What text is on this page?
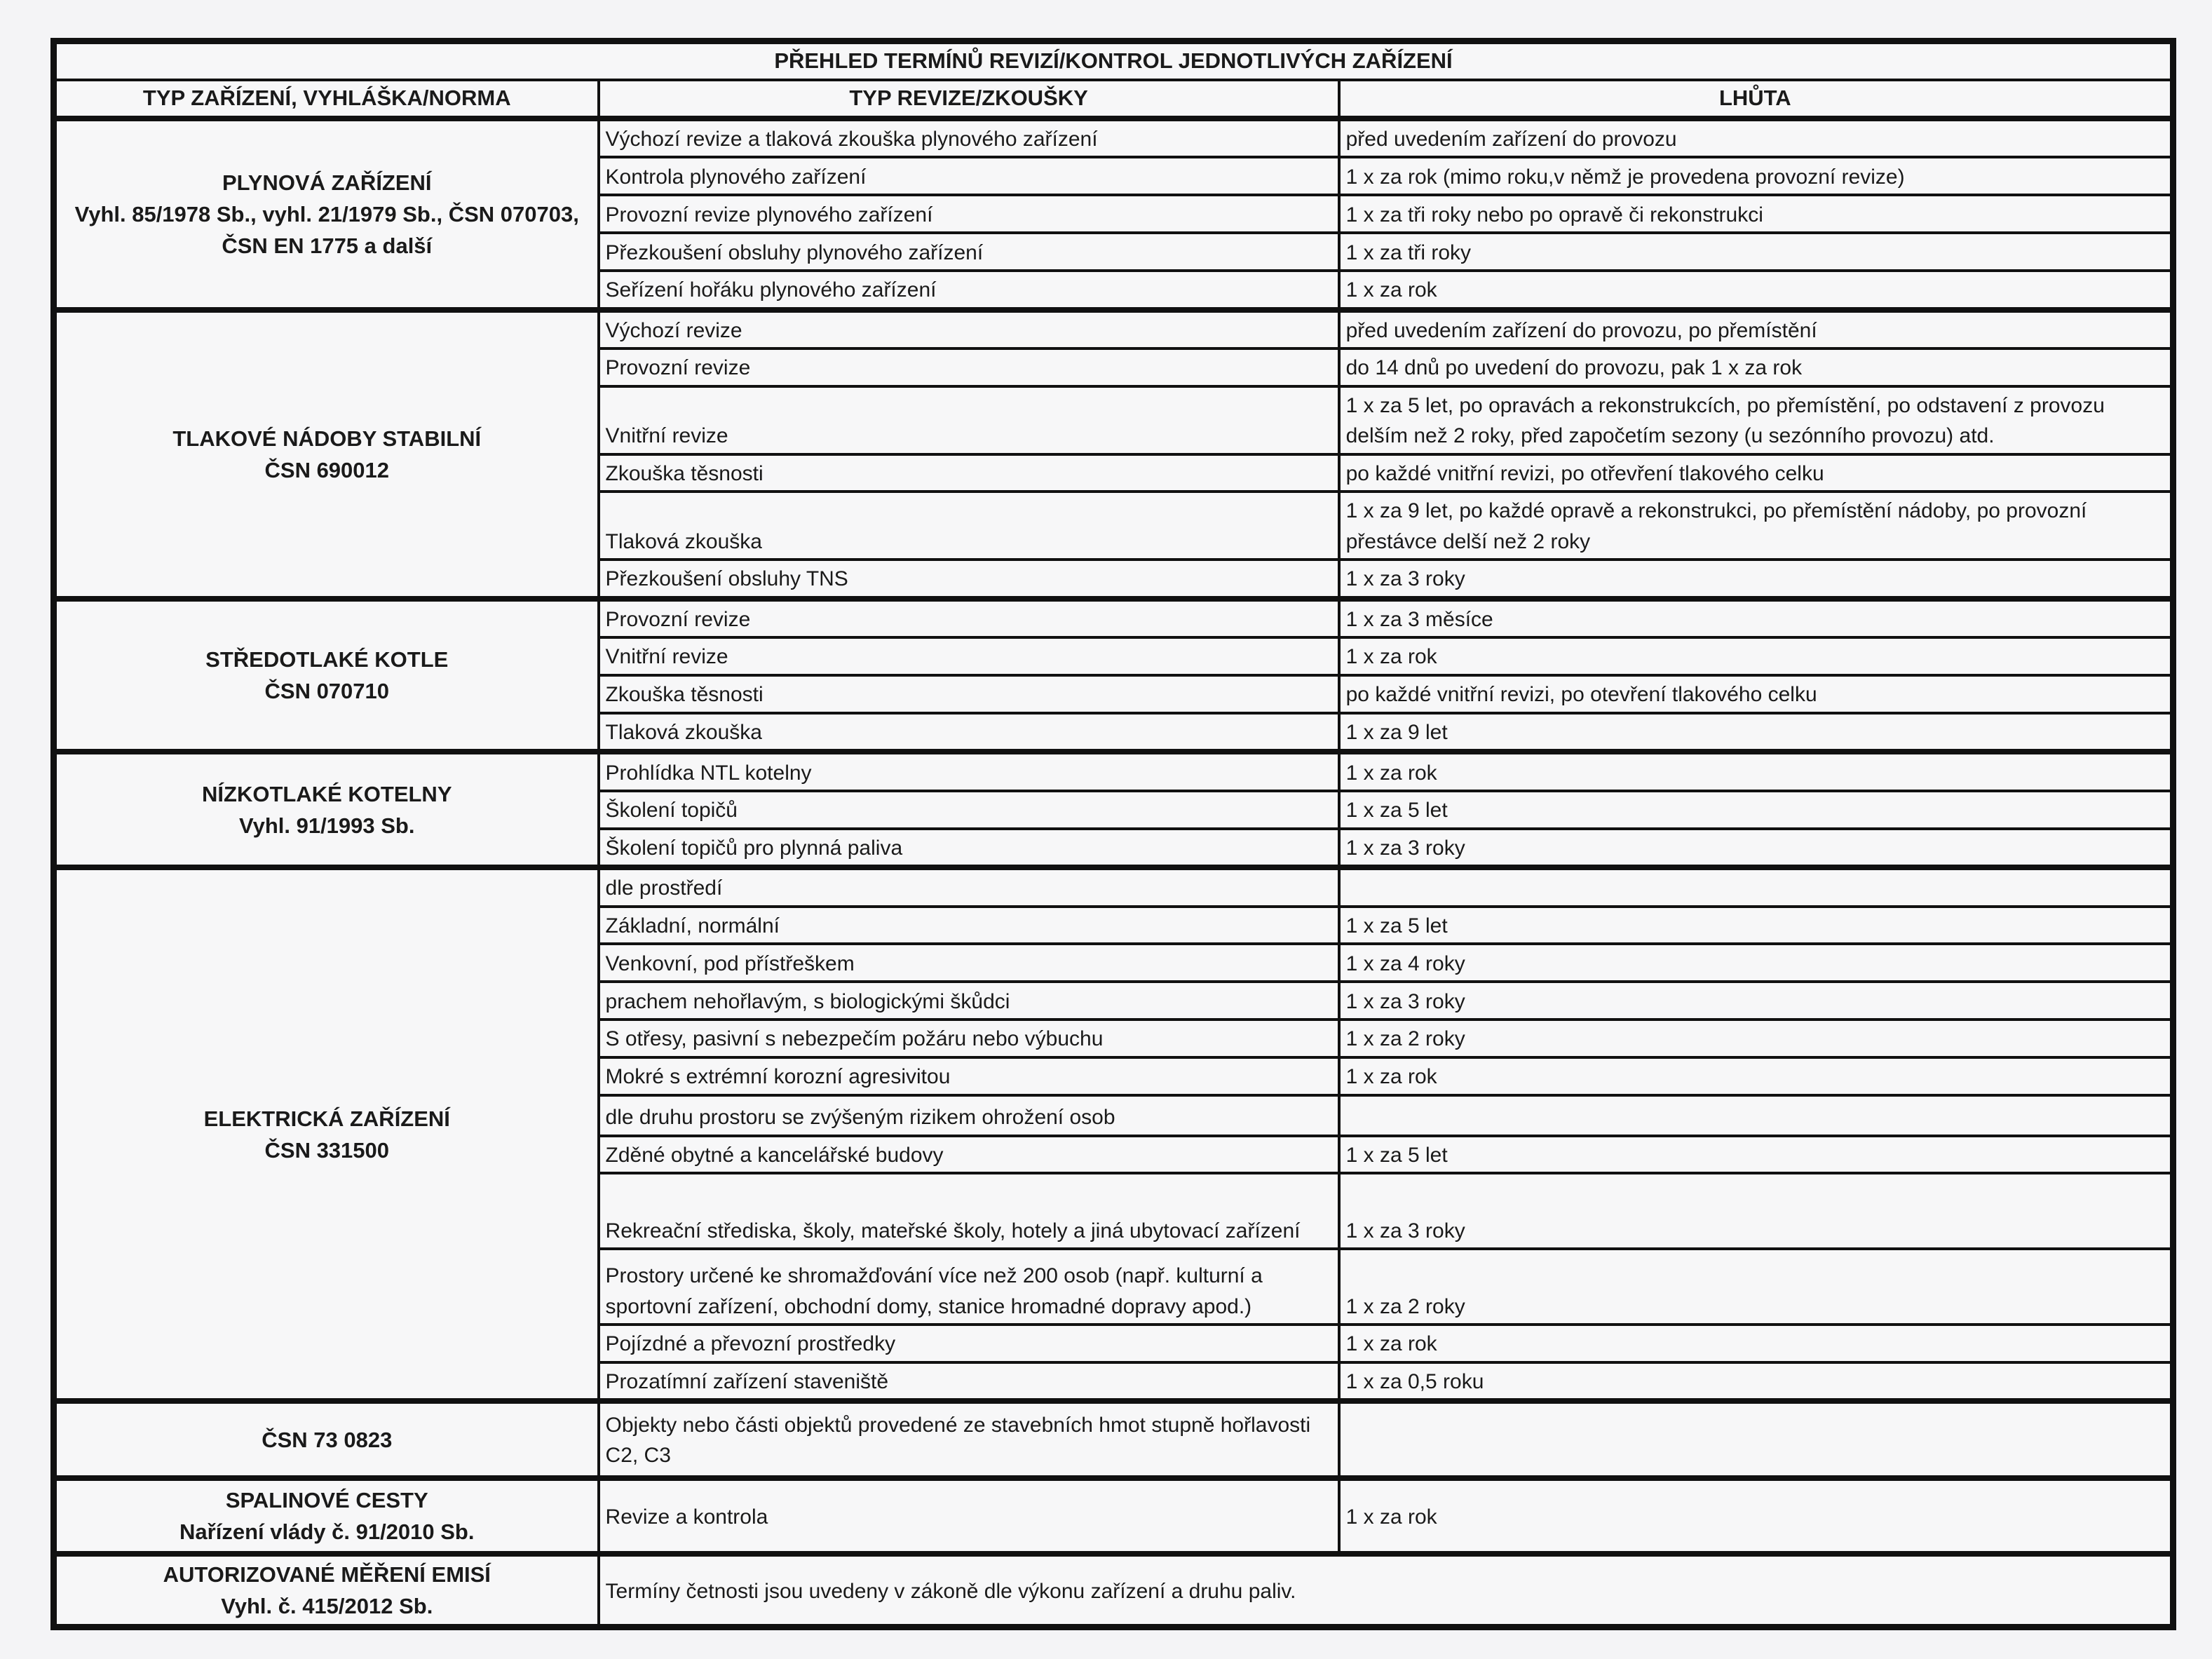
PŘEHLED TERMÍNŮ REVIZÍ/KONTROL JEDNOTLIVÝCH ZAŘÍZENÍ		
TYP ZAŘÍZENÍ, VYHLÁŠKA/NORMA	TYP REVIZE/ZKOUŠKY	LHŮTA

PLYNOVÁ ZAŘÍZENÍ
Vyhl. 85/1978 Sb., vyhl. 21/1979 Sb., ČSN 070703, ČSN EN 1775 a další	Výchozí revize a tlaková zkouška plynového zařízení	před uvedením zařízení do provozu
	Kontrola plynového zařízení	1 x za rok (mimo roku,v němž je provedena provozní revize)
	Provozní revize plynového zařízení	1 x za tři roky nebo po opravě či rekonstrukci
	Přezkoušení obsluhy plynového zařízení	1 x za tři roky
	Seřízení hořáku plynového zařízení	1 x za rok

TLAKOVÉ NÁDOBY STABILNÍ
ČSN 690012	Výchozí revize	před uvedením zařízení do provozu, po přemístění
	Provozní revize	do 14 dnů po uvedení do provozu, pak 1 x za rok
	Vnitřní revize	1 x za 5 let, po opravách a rekonstrukcích, po přemístění, po odstavení z provozu delším než 2 roky, před započetím sezony (u sezónního provozu) atd.
	Zkouška těsnosti	po každé vnitřní revizi, po otřevření tlakového celku
	Tlaková zkouška	1 x za 9 let, po každé opravě a rekonstrukci, po přemístění nádoby, po provozní přestávce delší než 2 roky
	Přezkoušení obsluhy TNS	1 x za 3 roky

STŘEDOTLAKÉ KOTLE
ČSN 070710	Provozní revize	1 x za 3 měsíce
	Vnitřní revize	1 x za rok
	Zkouška těsnosti	po každé vnitřní revizi, po otevření tlakového celku
	Tlaková zkouška	1 x za 9 let

NÍZKOTLAKÉ KOTELNY
Vyhl. 91/1993 Sb.	Prohlídka NTL kotelny	1 x za rok
	Školení topičů	1 x za 5 let
	Školení topičů pro plynná paliva	1 x za 3 roky

ELEKTRICKÁ ZAŘÍZENÍ
ČSN 331500	dle prostředí	
	Základní, normální	1 x za 5 let
	Venkovní, pod přístřeškem	1 x za 4 roky
	prachem nehořlavým, s biologickými škůdci	1 x za 3 roky
	S otřesy, pasivní s nebezpečím požáru nebo výbuchu	1 x za 2 roky
	Mokré s extrémní korozní agresivitou	1 x za rok
	dle druhu prostoru se zvýšeným rizikem ohrožení osob	
	Zděné obytné a kancelářské budovy	1 x za 5 let
	Rekreační střediska, školy, mateřské školy, hotely a jiná ubytovací zařízení	1 x za 3 roky
	Prostory určené ke shromažďování více než 200 osob (např. kulturní a sportovní zařízení, obchodní domy, stanice hromadné dopravy apod.)	1 x za 2 roky
	Pojízdné a převozní prostředky	1 x za rok
	Prozatímní zařízení staveniště	1 x za 0,5 roku

ČSN 73 0823	Objekty nebo části objektů provedené ze stavebních hmot stupně hořlavosti C2, C3	

SPALINOVÉ CESTY
Nařízení vlády č. 91/2010 Sb.	Revize a kontrola	1 x za rok

AUTORIZOVANÉ MĚŘENÍ EMISÍ
Vyhl. č. 415/2012 Sb.	Termíny četnosti jsou uvedeny v zákoně dle výkonu zařízení a druhu paliv.	
